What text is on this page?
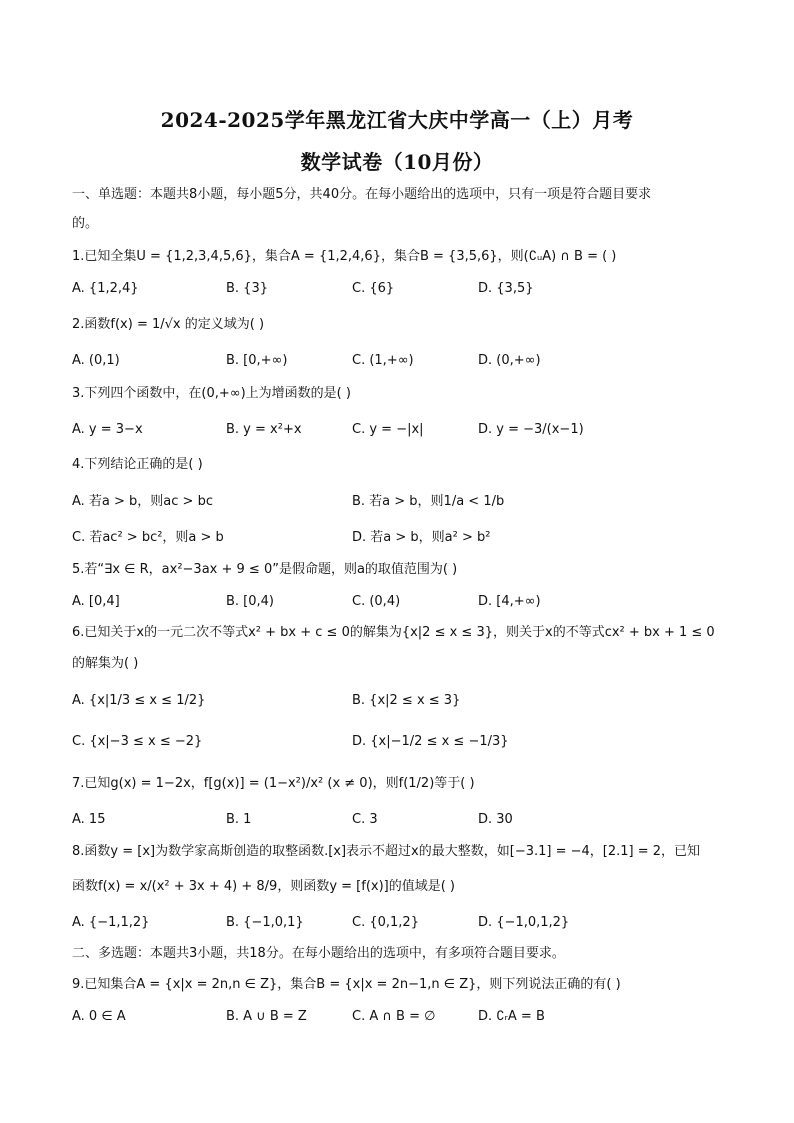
2024-2025学年黑龙江省大庆中学高一（上）月考
数学试卷（10月份）
一、单选题：本题共8小题，每小题5分，共40分。在每小题给出的选项中，只有一项是符合题目要求
的。
1.已知全集U = {1,2,3,4,5,6}，集合A = {1,2,4,6}，集合B = {3,5,6}，则(∁ᵤA) ∩ B = ( )
A. {1,2,4}	B. {3}	C. {6}	D. {3,5}
2.函数f(x) = 1/√x 的定义域为( )
A. (0,1)	B. [0,+∞)	C. (1,+∞)	D. (0,+∞)
3.下列四个函数中，在(0,+∞)上为增函数的是( )
A. y = 3−x	B. y = x²+x	C. y = −|x|	D. y = −3/(x−1)
4.下列结论正确的是( )
A. 若a > b，则ac > bc	B. 若a > b，则1/a < 1/b
C. 若ac² > bc²，则a > b	D. 若a > b，则a² > b²
5.若“∃x ∈ R，ax²−3ax + 9 ≤ 0”是假命题，则a的取值范围为( )
A. [0,4]	B. [0,4)	C. (0,4)	D. [4,+∞)
6.已知关于x的一元二次不等式x² + bx + c ≤ 0的解集为{x|2 ≤ x ≤ 3}，则关于x的不等式cx² + bx + 1 ≤ 0
的解集为( )
A. {x|1/3 ≤ x ≤ 1/2}	B. {x|2 ≤ x ≤ 3}
C. {x|−3 ≤ x ≤ −2}	D. {x|−1/2 ≤ x ≤ −1/3}
7.已知g(x) = 1−2x，f[g(x)] = (1−x²)/x² (x ≠ 0)，则f(1/2)等于( )
A. 15	B. 1	C. 3	D. 30
8.函数y = [x]为数学家高斯创造的取整函数.[x]表示不超过x的最大整数，如[−3.1] = −4，[2.1] = 2，已知
函数f(x) = x/(x² + 3x + 4) + 8/9，则函数y = [f(x)]的值域是( )
A. {−1,1,2}	B. {−1,0,1}	C. {0,1,2}	D. {−1,0,1,2}
二、多选题：本题共3小题，共18分。在每小题给出的选项中，有多项符合题目要求。
9.已知集合A = {x|x = 2n,n ∈ Z}，集合B = {x|x = 2n−1,n ∈ Z}，则下列说法正确的有( )
A. 0 ∈ A	B. A ∪ B = Z	C. A ∩ B = ∅	D. ∁ᵣA = B
